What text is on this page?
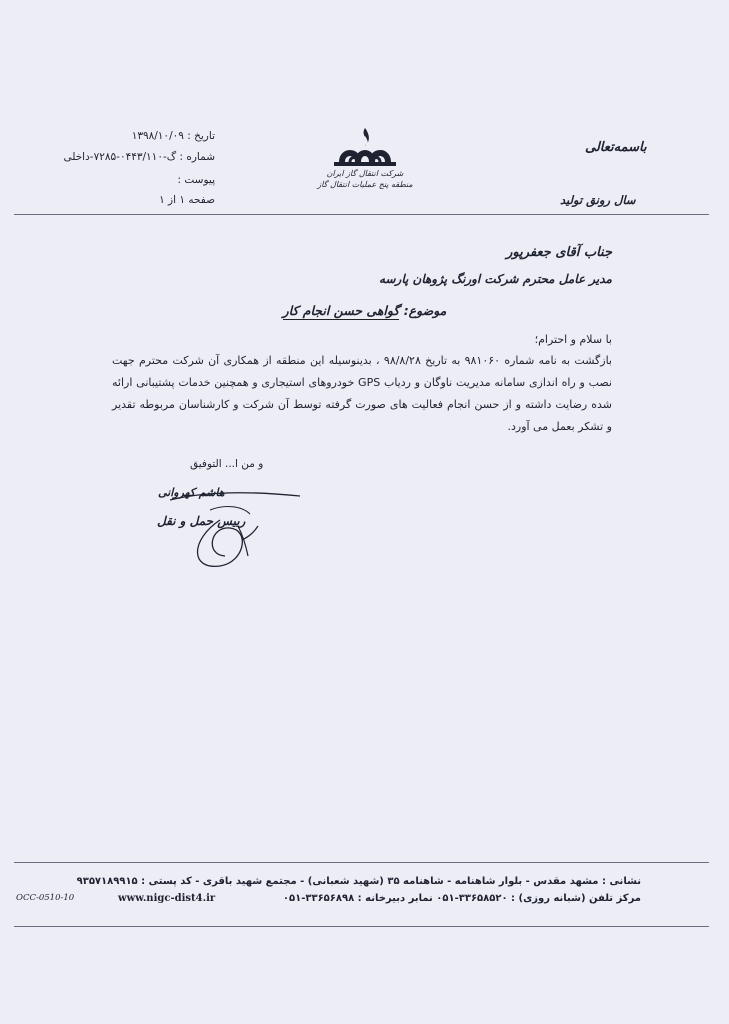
باسمه‌تعالی
سال رونق تولید
شرکت انتقال گاز ایران
منطقه پنج عملیات انتقال گاز
تاریخ : ۱۳۹۸/۱۰/۰۹
شماره : گ-۰۴۴۳/۱۱۰-۷۲۸۵-داخلی
پیوست :
صفحه ۱ از ۱
جناب آقای جعفرپور
مدیر عامل محترم شرکت اورنگ پژوهان پارسه
موضوع: گواهی حسن انجام کار
با سلام و احترام؛
بازگشت به نامه شماره ۹۸۱۰۶۰ به تاریخ ۹۸/۸/۲۸ ، بدینوسیله این منطقه از همکاری آن شرکت محترم جهت نصب و راه اندازی سامانه مدیریت ناوگان و ردیاب GPS خودروهای استیجاری و همچنین خدمات پشتیبانی ارائه شده رضایت داشته و از حسن انجام فعالیت های صورت گرفته توسط آن شرکت و کارشناسان مربوطه تقدیر و تشکر بعمل می آورد.
و من ا... التوفیق
هاشم کهروانی
رییس حمل و نقل
نشانی : مشهد مقدس - بلوار شاهنامه - شاهنامه ۳۵ (شهید شعبانی) - مجتمع شهید باقری - کد پستی : ۹۳۵۷۱۸۹۹۱۵
مرکز تلفن (شبانه روزی) : ۳۳۶۵۸۵۲۰-۰۵۱ نمابر دبیرخانه : ۳۳۶۵۶۸۹۸-۰۵۱
www.nigc-dist4.ir
OCC-0510-10
